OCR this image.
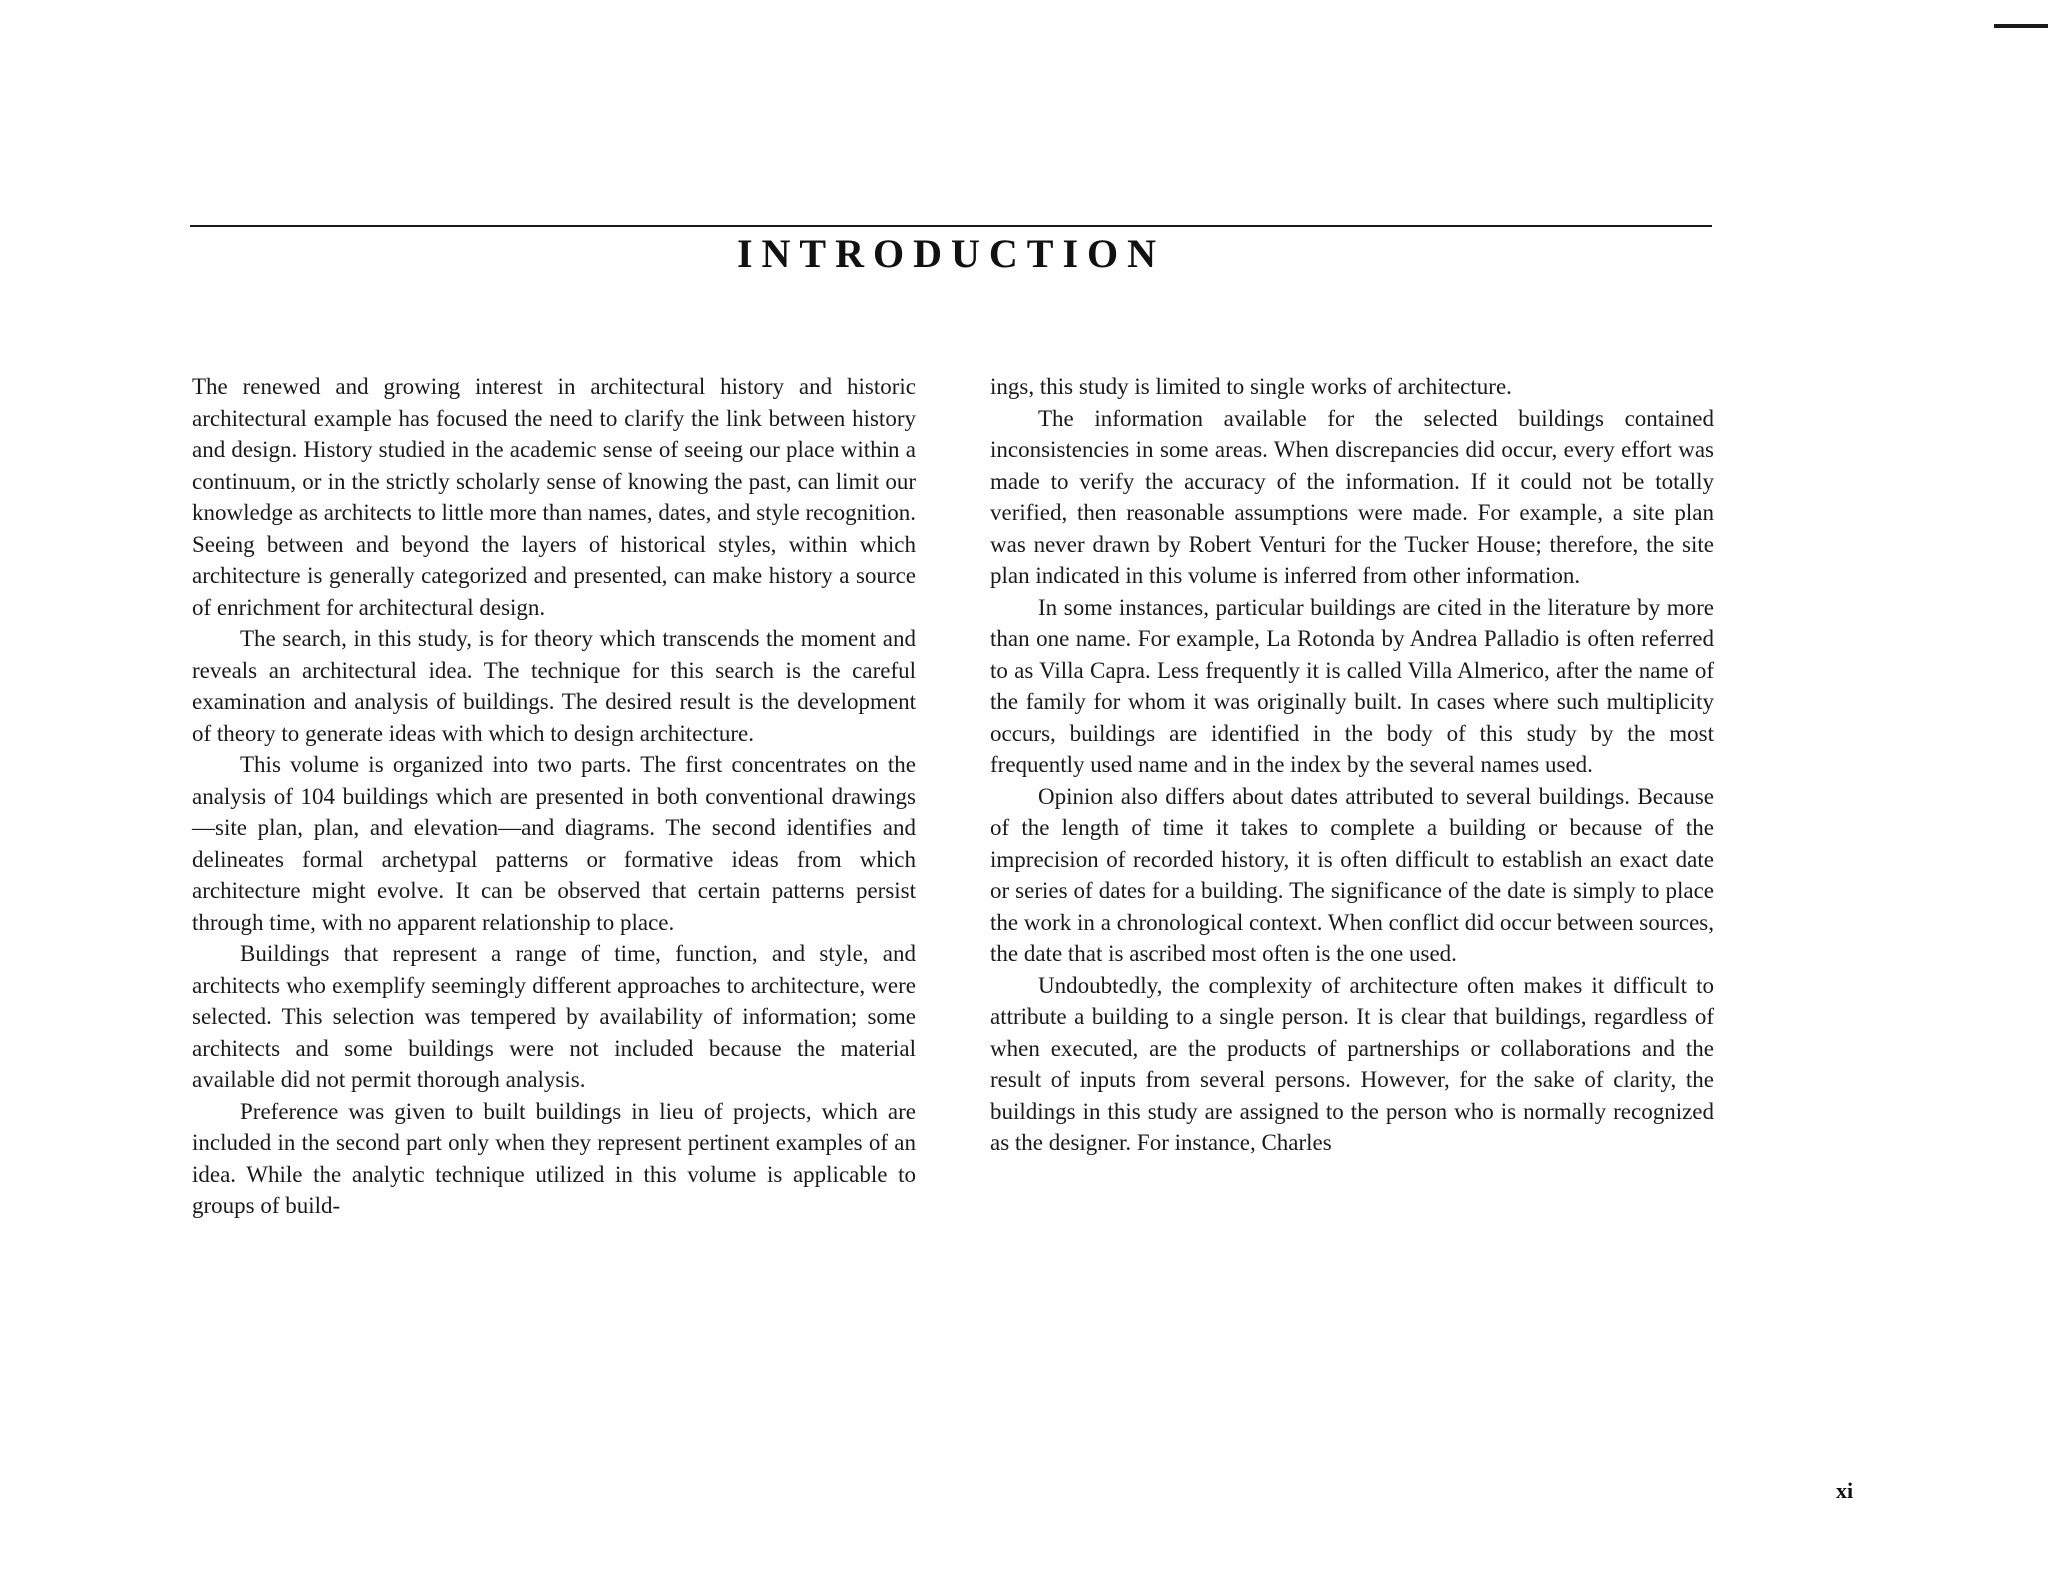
INTRODUCTION

The renewed and growing interest in architectural history and historic architectural example has focused the need to clarify the link between history and design. History studied in the academic sense of seeing our place within a continuum, or in the strictly scholarly sense of knowing the past, can limit our knowledge as architects to little more than names, dates, and style recognition. Seeing between and beyond the layers of historical styles, within which architecture is generally categorized and presented, can make history a source of enrichment for architectural design.

The search, in this study, is for theory which transcends the moment and reveals an architectural idea. The technique for this search is the careful examination and analysis of buildings. The desired result is the development of theory to generate ideas with which to design architecture.

This volume is organized into two parts. The first concentrates on the analysis of 104 buildings which are presented in both conventional drawings—site plan, plan, and elevation—and diagrams. The second identifies and delineates formal archetypal patterns or formative ideas from which architecture might evolve. It can be observed that certain patterns persist through time, with no apparent relationship to place.

Buildings that represent a range of time, function, and style, and architects who exemplify seemingly different approaches to architecture, were selected. This selection was tempered by availability of information; some architects and some buildings were not included because the material available did not permit thorough analysis.

Preference was given to built buildings in lieu of projects, which are included in the second part only when they represent pertinent examples of an idea. While the analytic technique utilized in this volume is applicable to groups of build-

ings, this study is limited to single works of architecture.

The information available for the selected buildings contained inconsistencies in some areas. When discrepancies did occur, every effort was made to verify the accuracy of the information. If it could not be totally verified, then reasonable assumptions were made. For example, a site plan was never drawn by Robert Venturi for the Tucker House; therefore, the site plan indicated in this volume is inferred from other information.

In some instances, particular buildings are cited in the literature by more than one name. For example, La Rotonda by Andrea Palladio is often referred to as Villa Capra. Less frequently it is called Villa Almerico, after the name of the family for whom it was originally built. In cases where such multiplicity occurs, buildings are identified in the body of this study by the most frequently used name and in the index by the several names used.

Opinion also differs about dates attributed to several buildings. Because of the length of time it takes to complete a building or because of the imprecision of recorded history, it is often difficult to establish an exact date or series of dates for a building. The significance of the date is simply to place the work in a chronological context. When conflict did occur between sources, the date that is ascribed most often is the one used.

Undoubtedly, the complexity of architecture often makes it difficult to attribute a building to a single person. It is clear that buildings, regardless of when executed, are the products of partnerships or collaborations and the result of inputs from several persons. However, for the sake of clarity, the buildings in this study are assigned to the person who is normally recognized as the designer. For instance, Charles

xi
